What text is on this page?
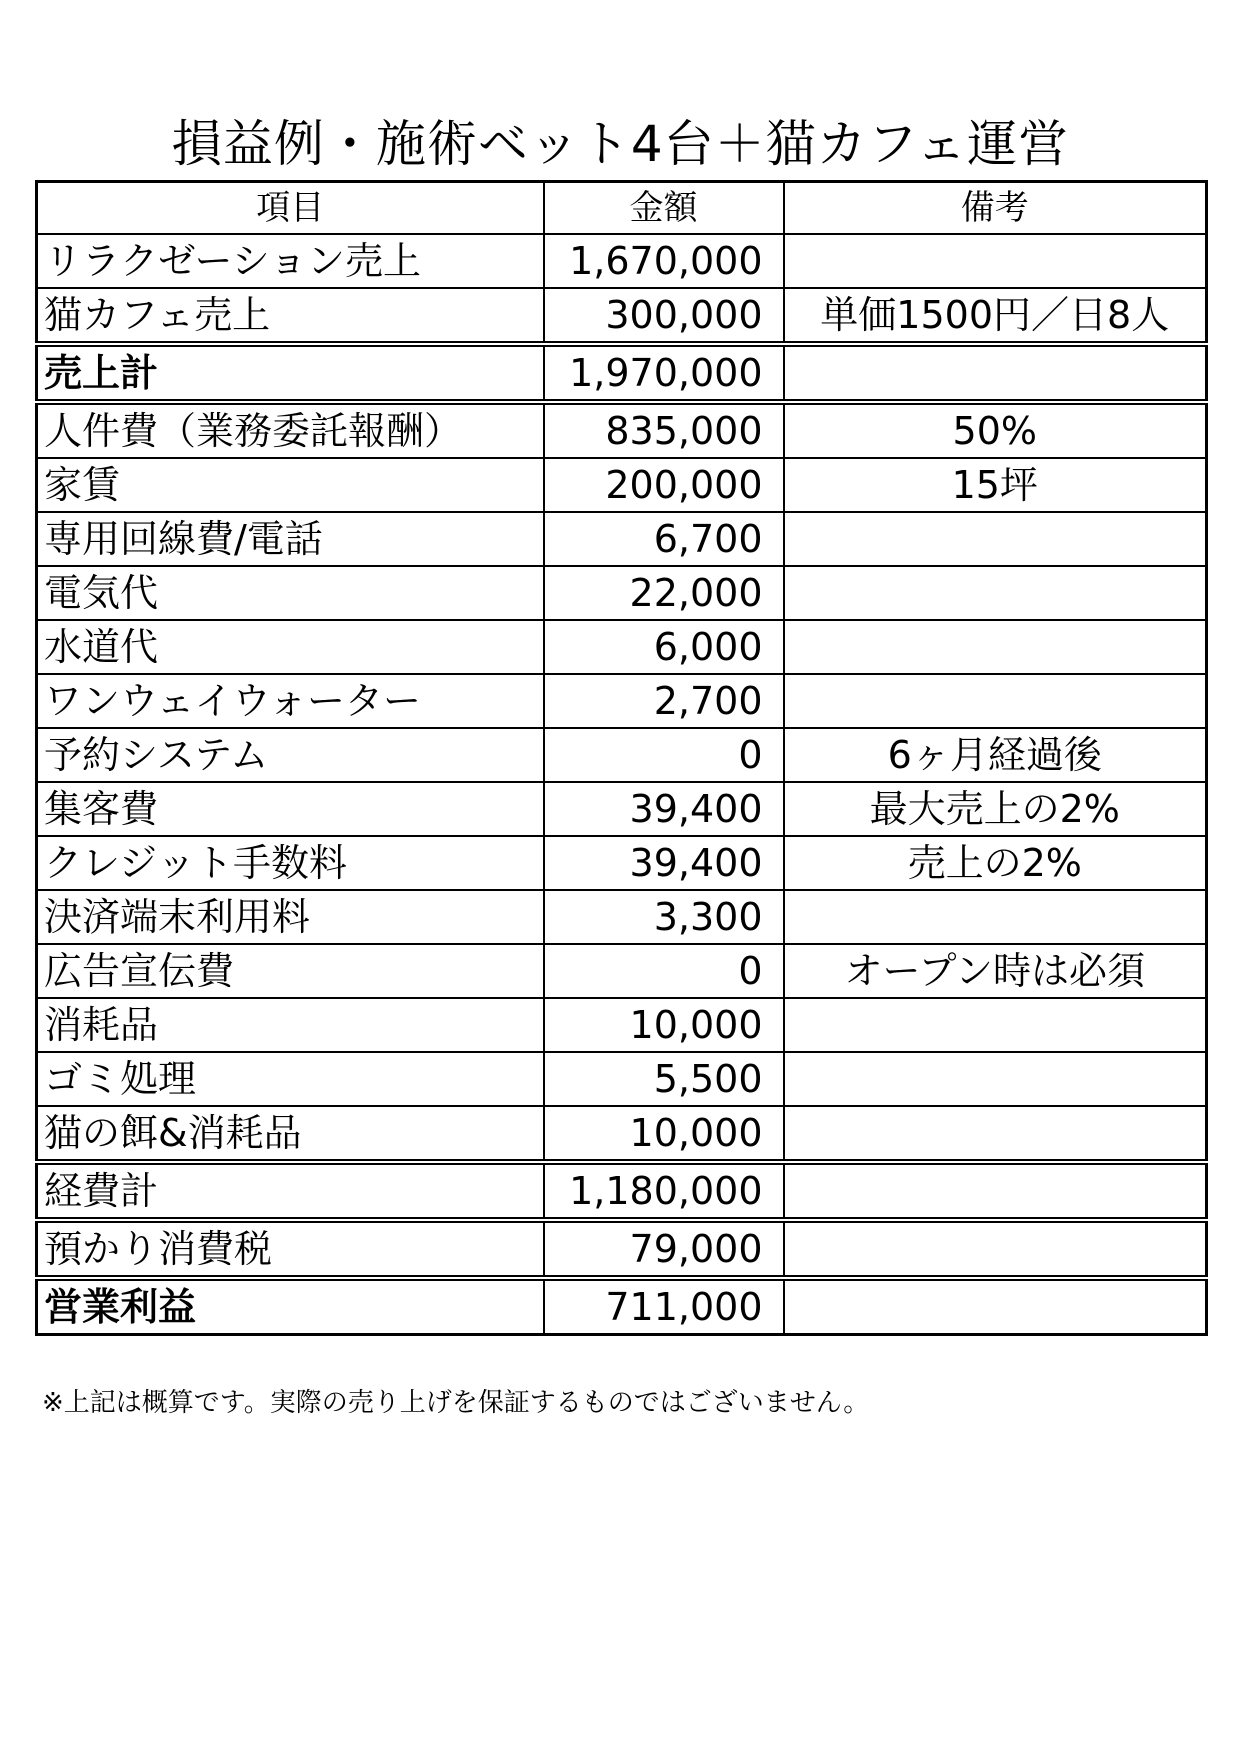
損益例・施術ベット4台＋猫カフェ運営
項目	金額	備考
リラクゼーション売上	1,670,000	
猫カフェ売上	300,000	単価1500円／日8人
売上計	1,970,000	
人件費（業務委託報酬）	835,000	50%
家賃	200,000	15坪
専用回線費/電話	6,700	
電気代	22,000	
水道代	6,000	
ワンウェイウォーター	2,700	
予約システム	0	6ヶ月経過後
集客費	39,400	最大売上の2%
クレジット手数料	39,400	売上の2%
決済端末利用料	3,300	
広告宣伝費	0	オープン時は必須
消耗品	10,000	
ゴミ処理	5,500	
猫の餌&消耗品	10,000	
経費計	1,180,000	
預かり消費税	79,000	
営業利益	711,000	
※上記は概算です。実際の売り上げを保証するものではございません。
